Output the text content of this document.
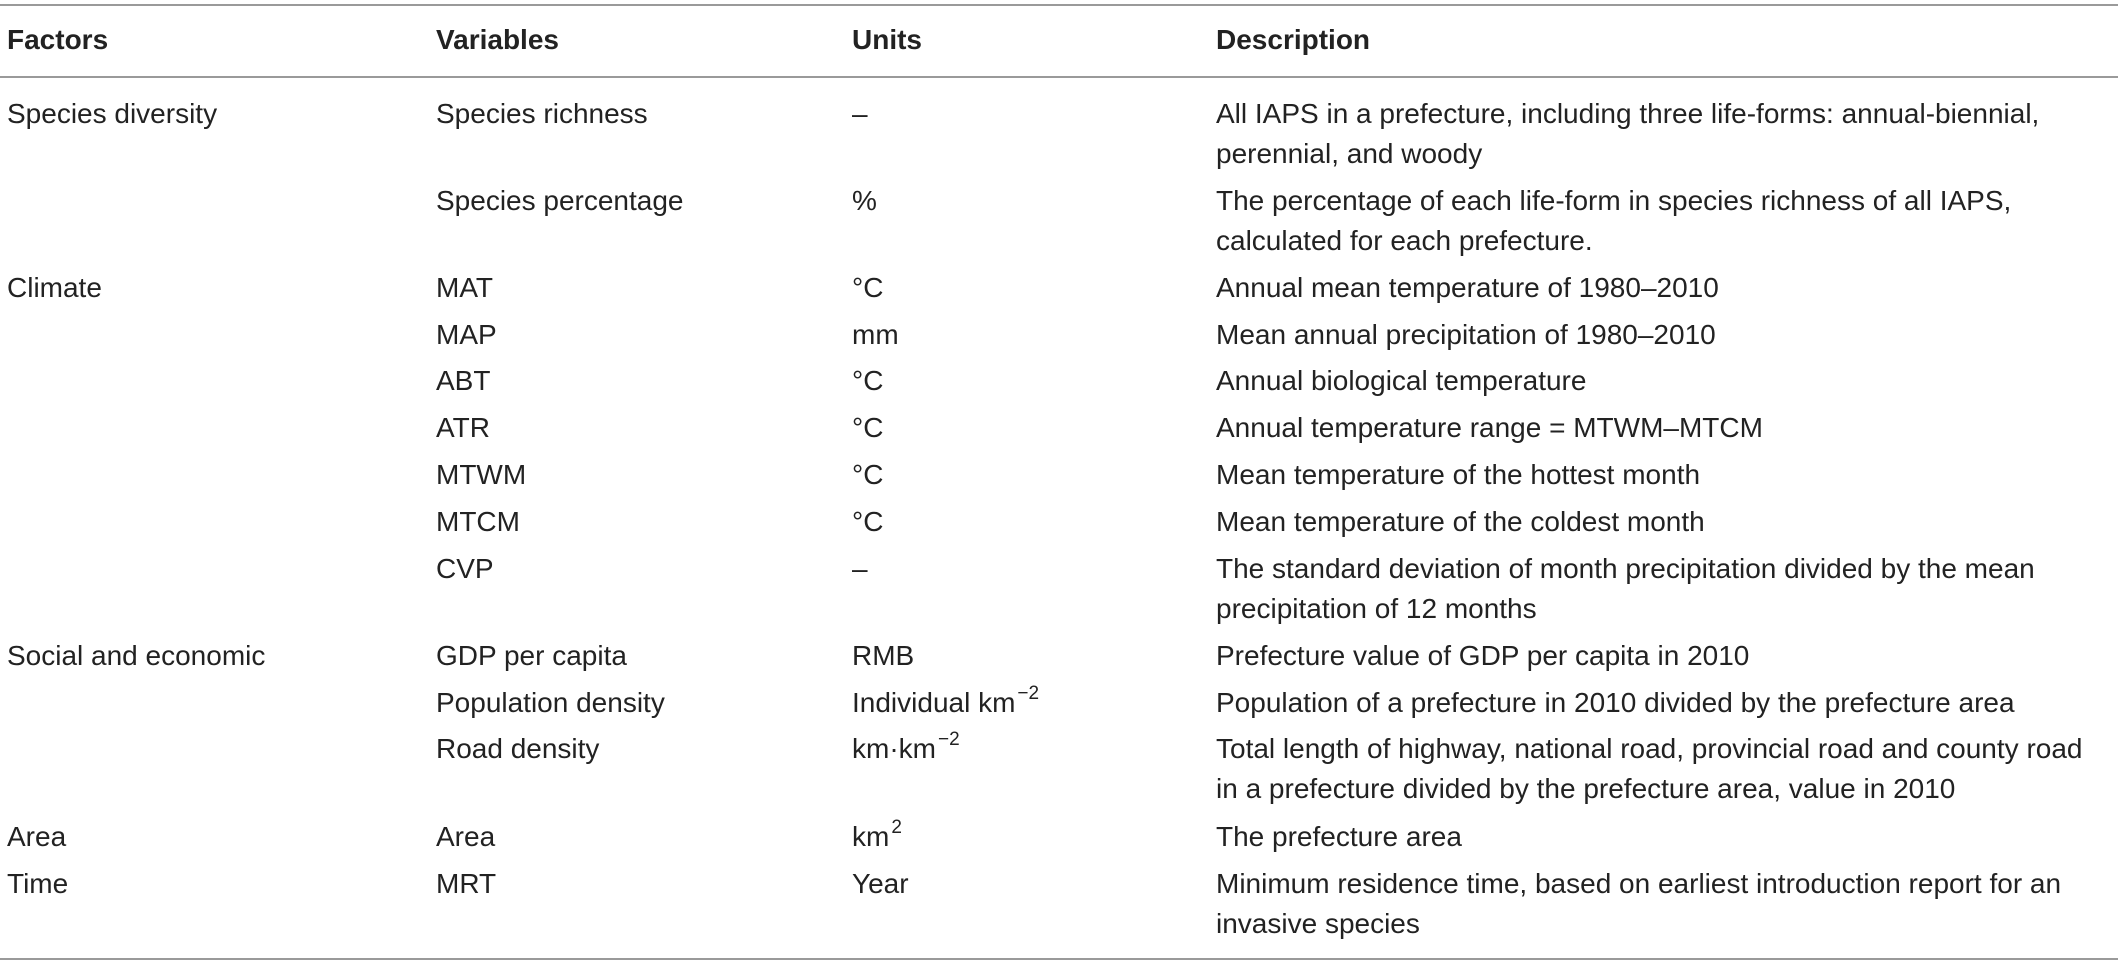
Factors	Variables	Units	Description
Species diversity	Species richness	–	All IAPS in a prefecture, including three life-forms: annual-biennial,
perennial, and woody
Species percentage	%	The percentage of each life-form in species richness of all IAPS,
calculated for each prefecture.
Climate	MAT	°C	Annual mean temperature of 1980–2010
MAP	mm	Mean annual precipitation of 1980–2010
ABT	°C	Annual biological temperature
ATR	°C	Annual temperature range = MTWM–MTCM
MTWM	°C	Mean temperature of the hottest month
MTCM	°C	Mean temperature of the coldest month
CVP	–	The standard deviation of month precipitation divided by the mean
precipitation of 12 months
Social and economic	GDP per capita	RMB	Prefecture value of GDP per capita in 2010
Population density	Individual km $^{-2}$	Population of a prefecture in 2010 divided by the prefecture area
Road density	km·km $^{-2}$	Total length of highway, national road, provincial road and county road
in a prefecture divided by the prefecture area, value in 2010
Area	Area	km $^2$	The prefecture area
Time	MRT	Year	Minimum residence time, based on earliest introduction report for an
invasive species
